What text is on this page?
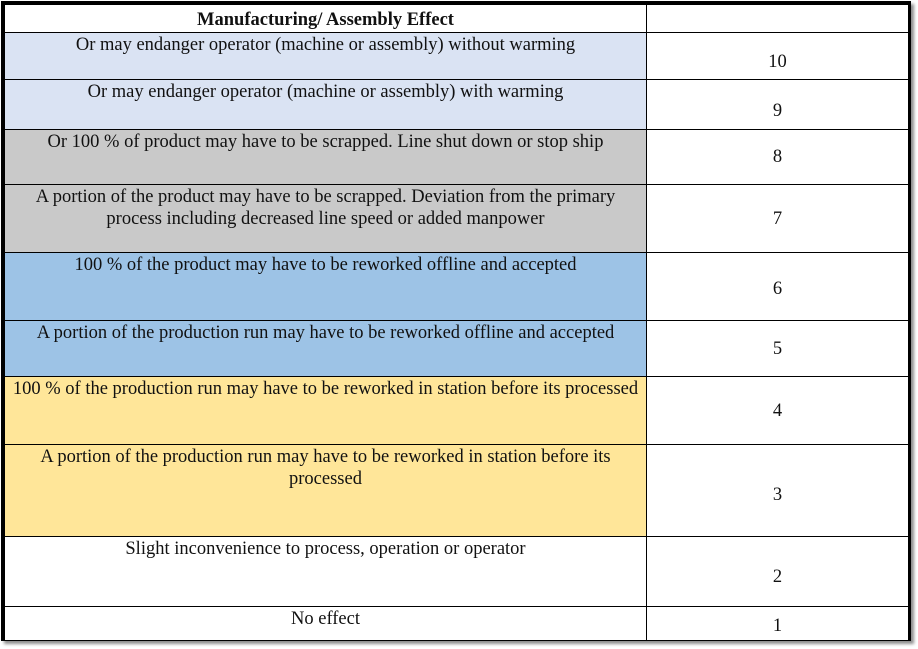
Manufacturing/ Assembly Effect	
Or may endanger operator (machine or assembly) without warming	10
Or may endanger operator (machine or assembly) with warming	9
Or 100 % of product may have to be scrapped. Line shut down or stop ship	8
A portion of the product may have to be scrapped. Deviation from the primary process including decreased line speed or added manpower	7
100 % of the product may have to be reworked offline and accepted	6
A portion of the production run may have to be reworked offline and accepted	5
100 % of the production run may have to be reworked in station before its processed	4
A portion of the production run may have to be reworked in station before its processed	3
Slight inconvenience to process, operation or operator	2
No effect	1
